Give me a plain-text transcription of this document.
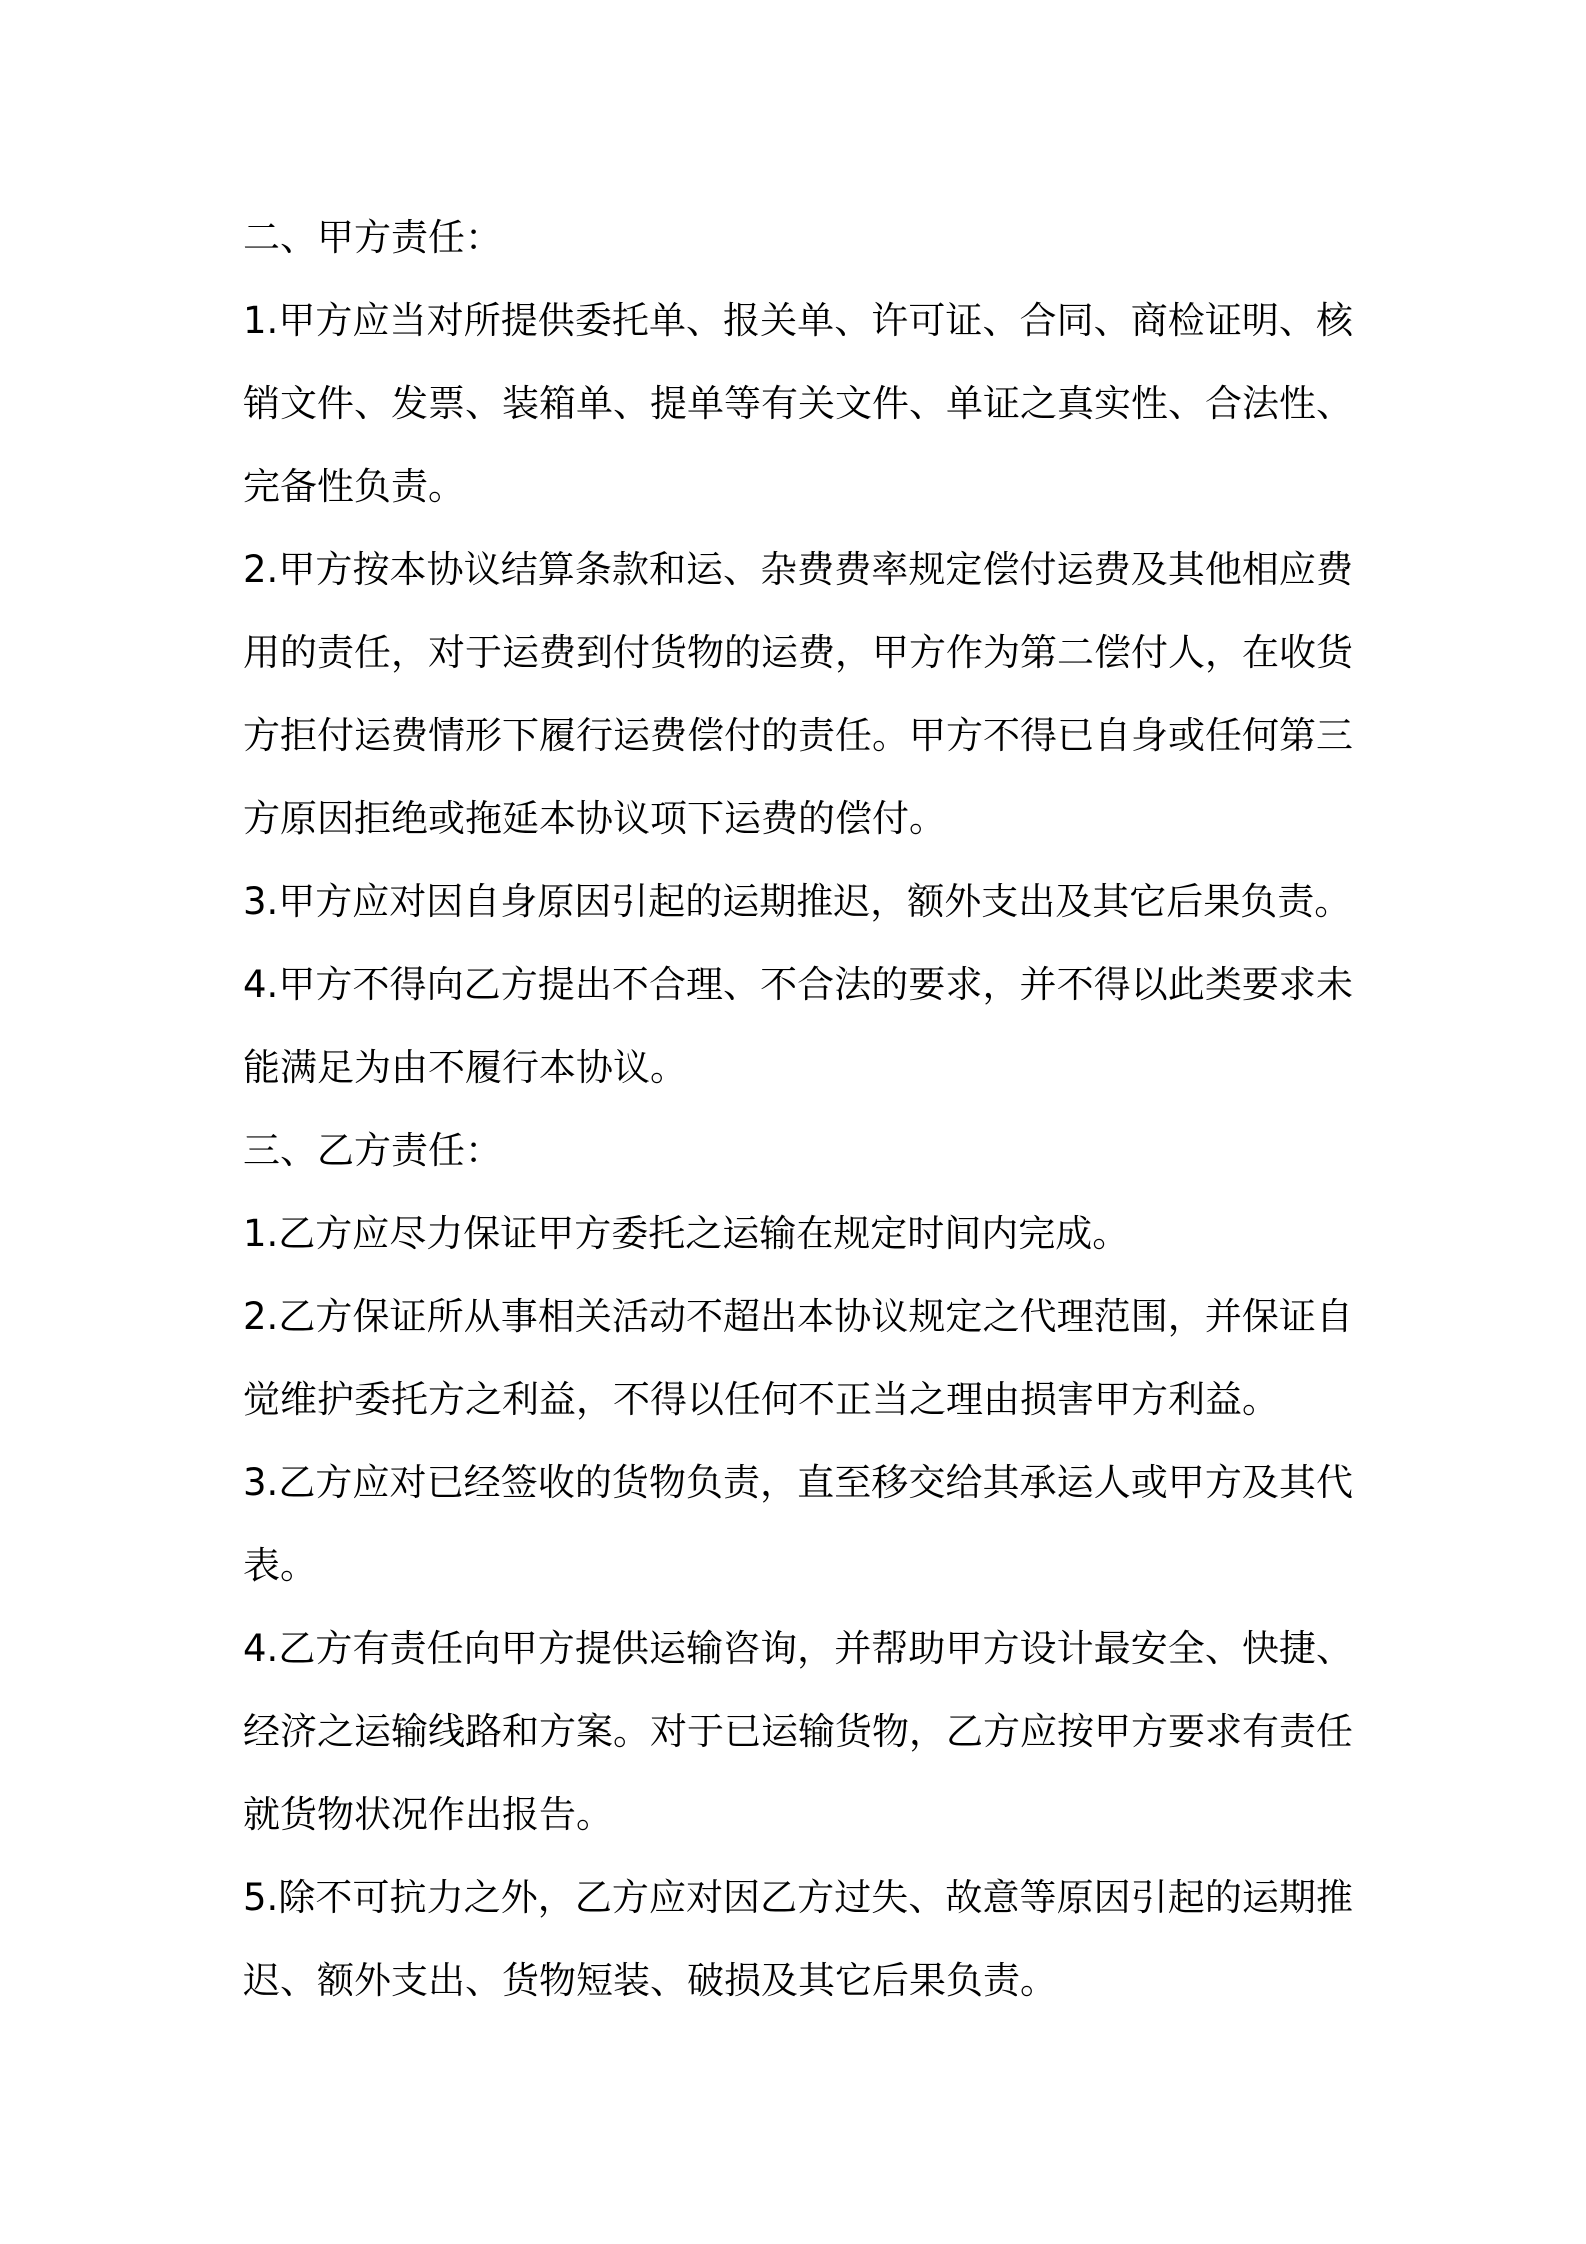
二、甲方责任：

1.甲方应当对所提供委托单、报关单、许可证、合同、商检证明、核销文件、发票、装箱单、提单等有关文件、单证之真实性、合法性、完备性负责。

2.甲方按本协议结算条款和运、杂费费率规定偿付运费及其他相应费用的责任，对于运费到付货物的运费，甲方作为第二偿付人，在收货方拒付运费情形下履行运费偿付的责任。甲方不得已自身或任何第三方原因拒绝或拖延本协议项下运费的偿付。

3.甲方应对因自身原因引起的运期推迟，额外支出及其它后果负责。

4.甲方不得向乙方提出不合理、不合法的要求，并不得以此类要求未能满足为由不履行本协议。

三、乙方责任：

1.乙方应尽力保证甲方委托之运输在规定时间内完成。

2.乙方保证所从事相关活动不超出本协议规定之代理范围，并保证自觉维护委托方之利益，不得以任何不正当之理由损害甲方利益。

3.乙方应对已经签收的货物负责，直至移交给其承运人或甲方及其代表。

4.乙方有责任向甲方提供运输咨询，并帮助甲方设计最安全、快捷、经济之运输线路和方案。对于已运输货物，乙方应按甲方要求有责任就货物状况作出报告。

5.除不可抗力之外，乙方应对因乙方过失、故意等原因引起的运期推迟、额外支出、货物短装、破损及其它后果负责。
